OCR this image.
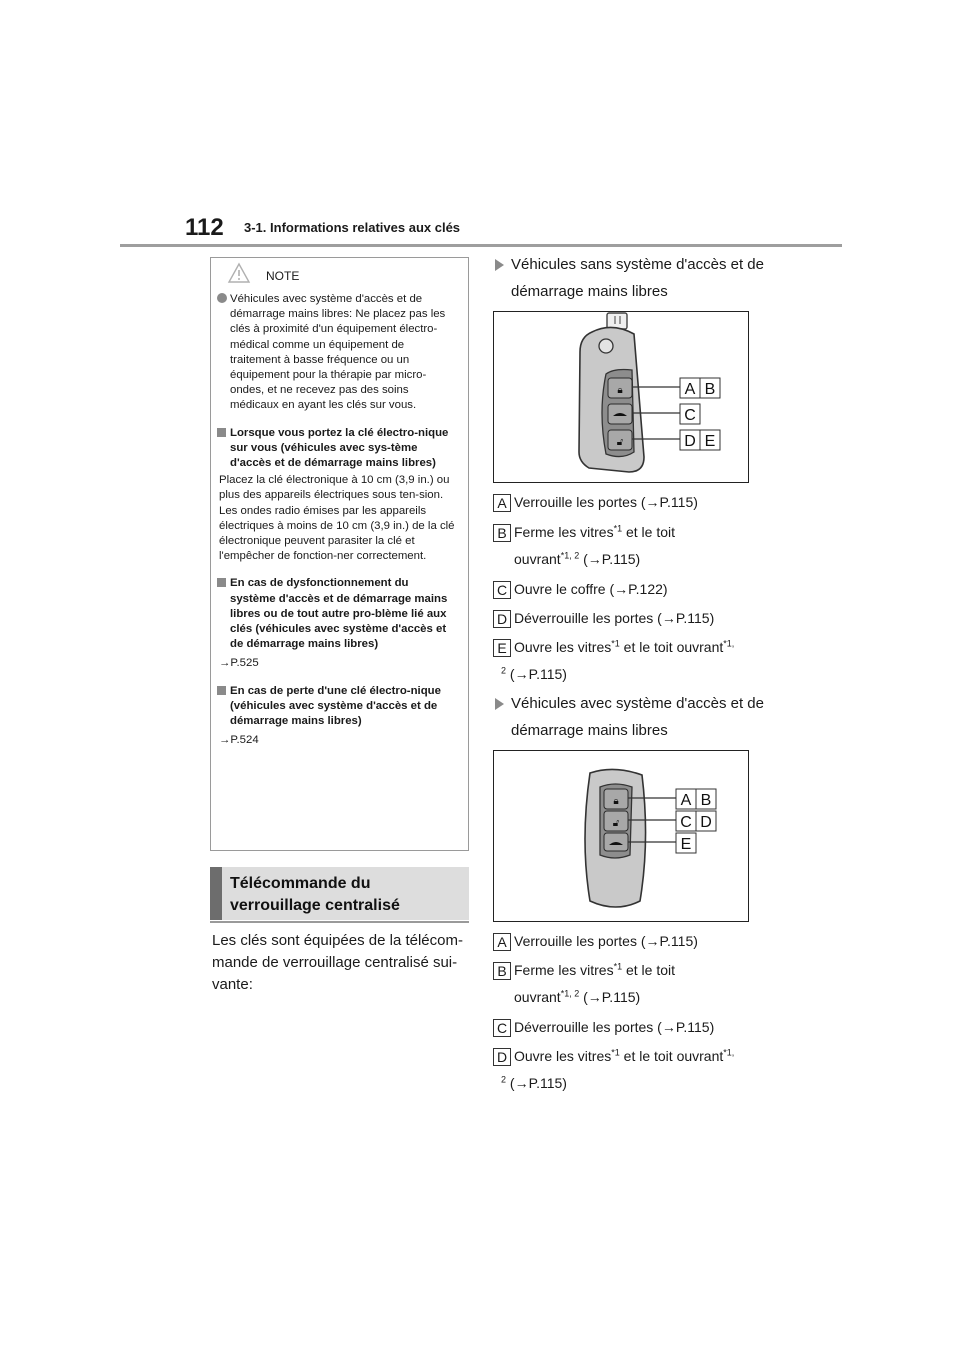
112 3-1. Informations relatives aux clés
NOTE
Véhicules avec système d'accès et de démarrage mains libres: Ne placez pas les clés à proximité d'un équipement électro-médical comme un équipement de traitement à basse fréquence ou un équipement pour la thérapie par micro-ondes, et ne recevez pas des soins médicaux en ayant les clés sur vous.
Lorsque vous portez la clé électro-nique sur vous (véhicules avec sys-tème d'accès et de démarrage mains libres)
Placez la clé électronique à 10 cm (3,9 in.) ou plus des appareils électriques sous ten-sion. Les ondes radio émises par les appareils électriques à moins de 10 cm (3,9 in.) de la clé électronique peuvent parasiter la clé et l'empêcher de fonction-ner correctement.
En cas de dysfonctionnement du système d'accès et de démarrage mains libres ou de tout autre pro-blème lié aux clés (véhicules avec système d'accès et de démarrage mains libres)
→P.525
En cas de perte d'une clé électro-nique (véhicules avec système d'accès et de démarrage mains libres)
→P.524
Télécommande du verrouillage centralisé
Les clés sont équipées de la télécom-mande de verrouillage centralisé sui-vante:
Véhicules sans système d'accès et de démarrage mains libres
🔒︎
🔓︎
A B
C
D E
A Verrouille les portes (→P.115)
B Ferme les vitres$^{*1}$ et le toit
ouvrant$^{*1, 2}$ (→P.115)
C Ouvre le coffre (→P.122)
D Déverrouille les portes (→P.115)
E Ouvre les vitres$^{*1}$ et le toit ouvrant$^{*1,}$
$^2$ (→P.115)
Véhicules avec système d'accès et de démarrage mains libres
🔒︎
🔓︎
A B
C D
E
A Verrouille les portes (→P.115)
B Ferme les vitres$^{*1}$ et le toit
ouvrant$^{*1, 2}$ (→P.115)
C Déverrouille les portes (→P.115)
D Ouvre les vitres$^{*1}$ et le toit ouvrant$^{*1,}$
$^2$ (→P.115)
